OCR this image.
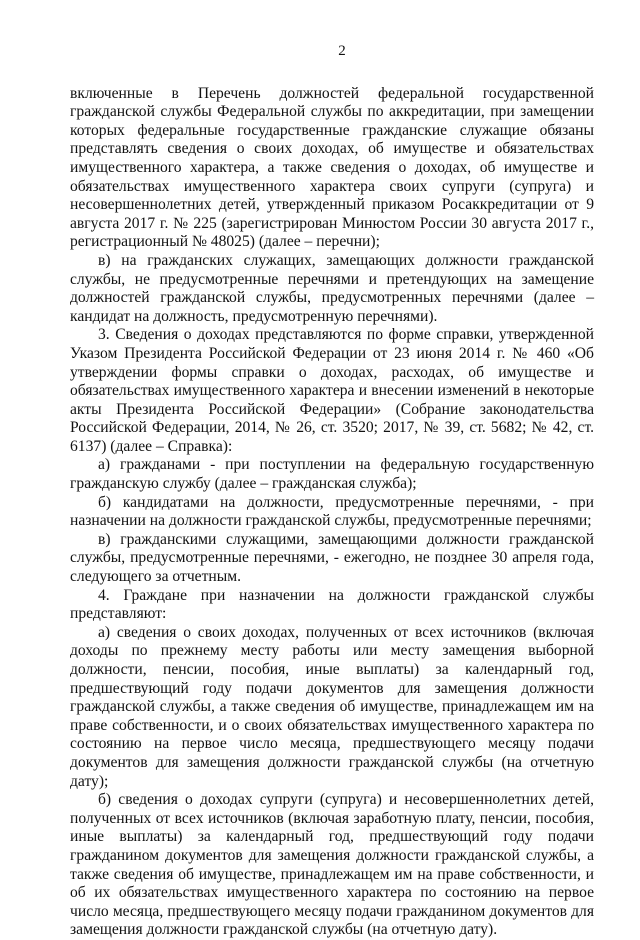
2

включенные в Перечень должностей федеральной государственной гражданской службы Федеральной службы по аккредитации, при замещении которых федеральные государственные гражданские служащие обязаны представлять сведения о своих доходах, об имуществе и обязательствах имущественного характера, а также сведения о доходах, об имуществе и обязательствах имущественного характера своих супруги (супруга) и несовершеннолетних детей, утвержденный приказом Росаккредитации от 9 августа 2017 г. № 225 (зарегистрирован Минюстом России 30 августа 2017 г., регистрационный № 48025) (далее – перечни);

в) на гражданских служащих, замещающих должности гражданской службы, не предусмотренные перечнями и претендующих на замещение должностей гражданской службы, предусмотренных перечнями (далее – кандидат на должность, предусмотренную перечнями).

3. Сведения о доходах представляются по форме справки, утвержденной Указом Президента Российской Федерации от 23 июня 2014 г. № 460 «Об утверждении формы справки о доходах, расходах, об имуществе и обязательствах имущественного характера и внесении изменений в некоторые акты Президента Российской Федерации» (Собрание законодательства Российской Федерации, 2014, № 26, ст. 3520; 2017, № 39, ст. 5682; № 42, ст. 6137) (далее – Справка):

а) гражданами - при поступлении на федеральную государственную гражданскую службу (далее – гражданская служба);

б) кандидатами на должности, предусмотренные перечнями, - при назначении на должности гражданской службы, предусмотренные перечнями;

в) гражданскими служащими, замещающими должности гражданской службы, предусмотренные перечнями, - ежегодно, не позднее 30 апреля года, следующего за отчетным.

4. Граждане при назначении на должности гражданской службы представляют:

а) сведения о своих доходах, полученных от всех источников (включая доходы по прежнему месту работы или месту замещения выборной должности, пенсии, пособия, иные выплаты) за календарный год, предшествующий году подачи документов для замещения должности гражданской службы, а также сведения об имуществе, принадлежащем им на праве собственности, и о своих обязательствах имущественного характера по состоянию на первое число месяца, предшествующего месяцу подачи документов для замещения должности гражданской службы (на отчетную дату);

б) сведения о доходах супруги (супруга) и несовершеннолетних детей, полученных от всех источников (включая заработную плату, пенсии, пособия, иные выплаты) за календарный год, предшествующий году подачи гражданином документов для замещения должности гражданской службы, а также сведения об имуществе, принадлежащем им на праве собственности, и об их обязательствах имущественного характера по состоянию на первое число месяца, предшествующего месяцу подачи гражданином документов для замещения должности гражданской службы (на отчетную дату).
